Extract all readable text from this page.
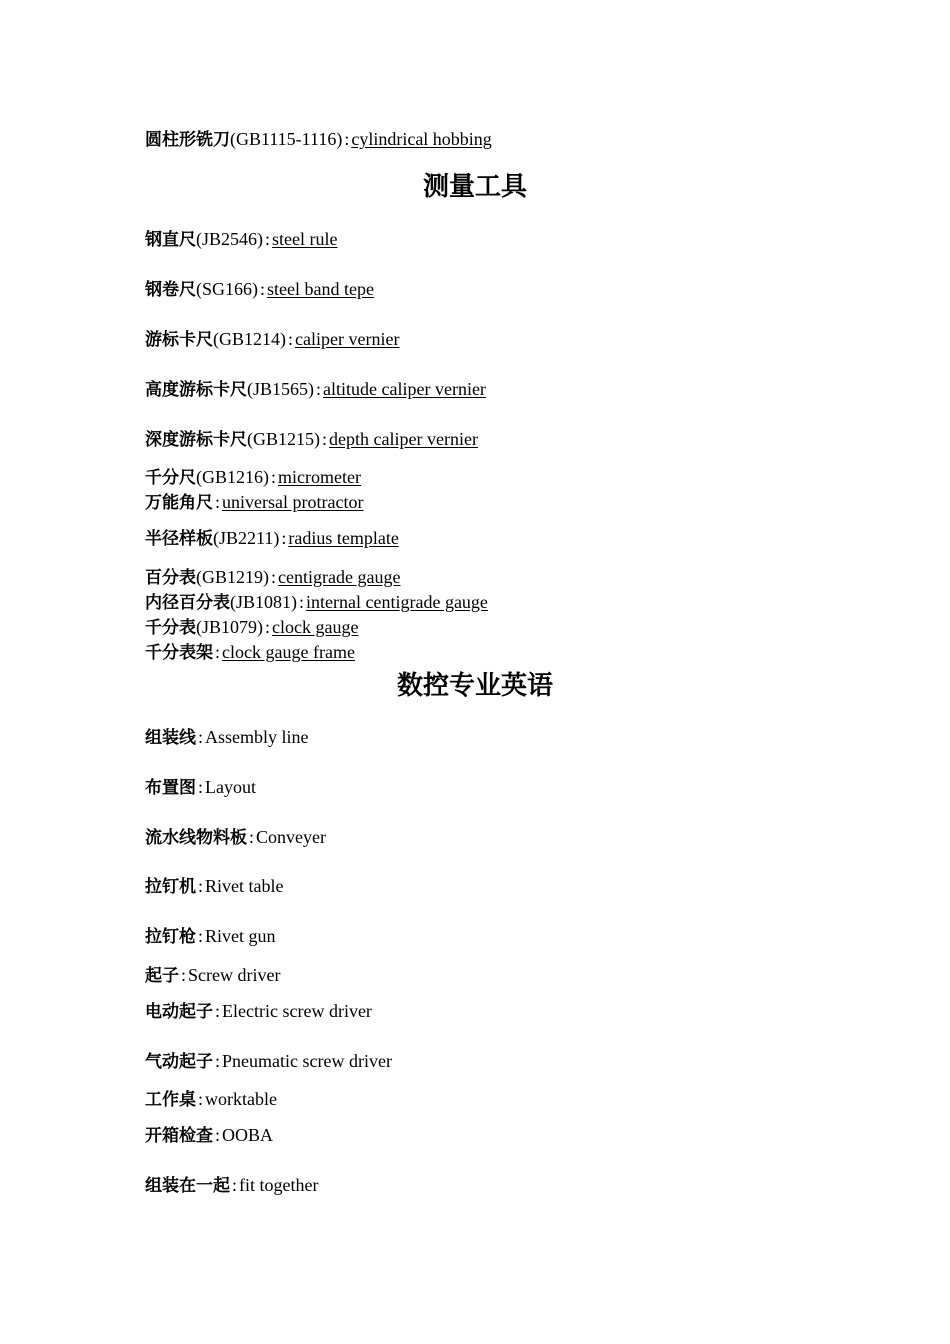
圆柱形铣刀(GB1115-1116) : cylindrical hobbing
测量工具
钢直尺(JB2546) : steel rule
钢卷尺(SG166) : steel band tepe
游标卡尺(GB1214) : caliper vernier
高度游标卡尺(JB1565) : altitude caliper vernier
深度游标卡尺(GB1215) : depth caliper vernier
千分尺(GB1216) : micrometer
万能角尺 : universal protractor
半径样板(JB2211) : radius template
百分表(GB1219) : centigrade gauge
内径百分表(JB1081) : internal centigrade gauge
千分表(JB1079) : clock gauge
千分表架 : clock gauge frame
数控专业英语
组装线 : Assembly line
布置图 : Layout
流水线物料板 : Conveyer
拉钉机 : Rivet table
拉钉枪 : Rivet gun
起子 : Screw driver
电动起子 : Electric screw driver
气动起子 : Pneumatic screw driver
工作桌 : worktable
开箱检查 : OOBA
组装在一起 : fit together
